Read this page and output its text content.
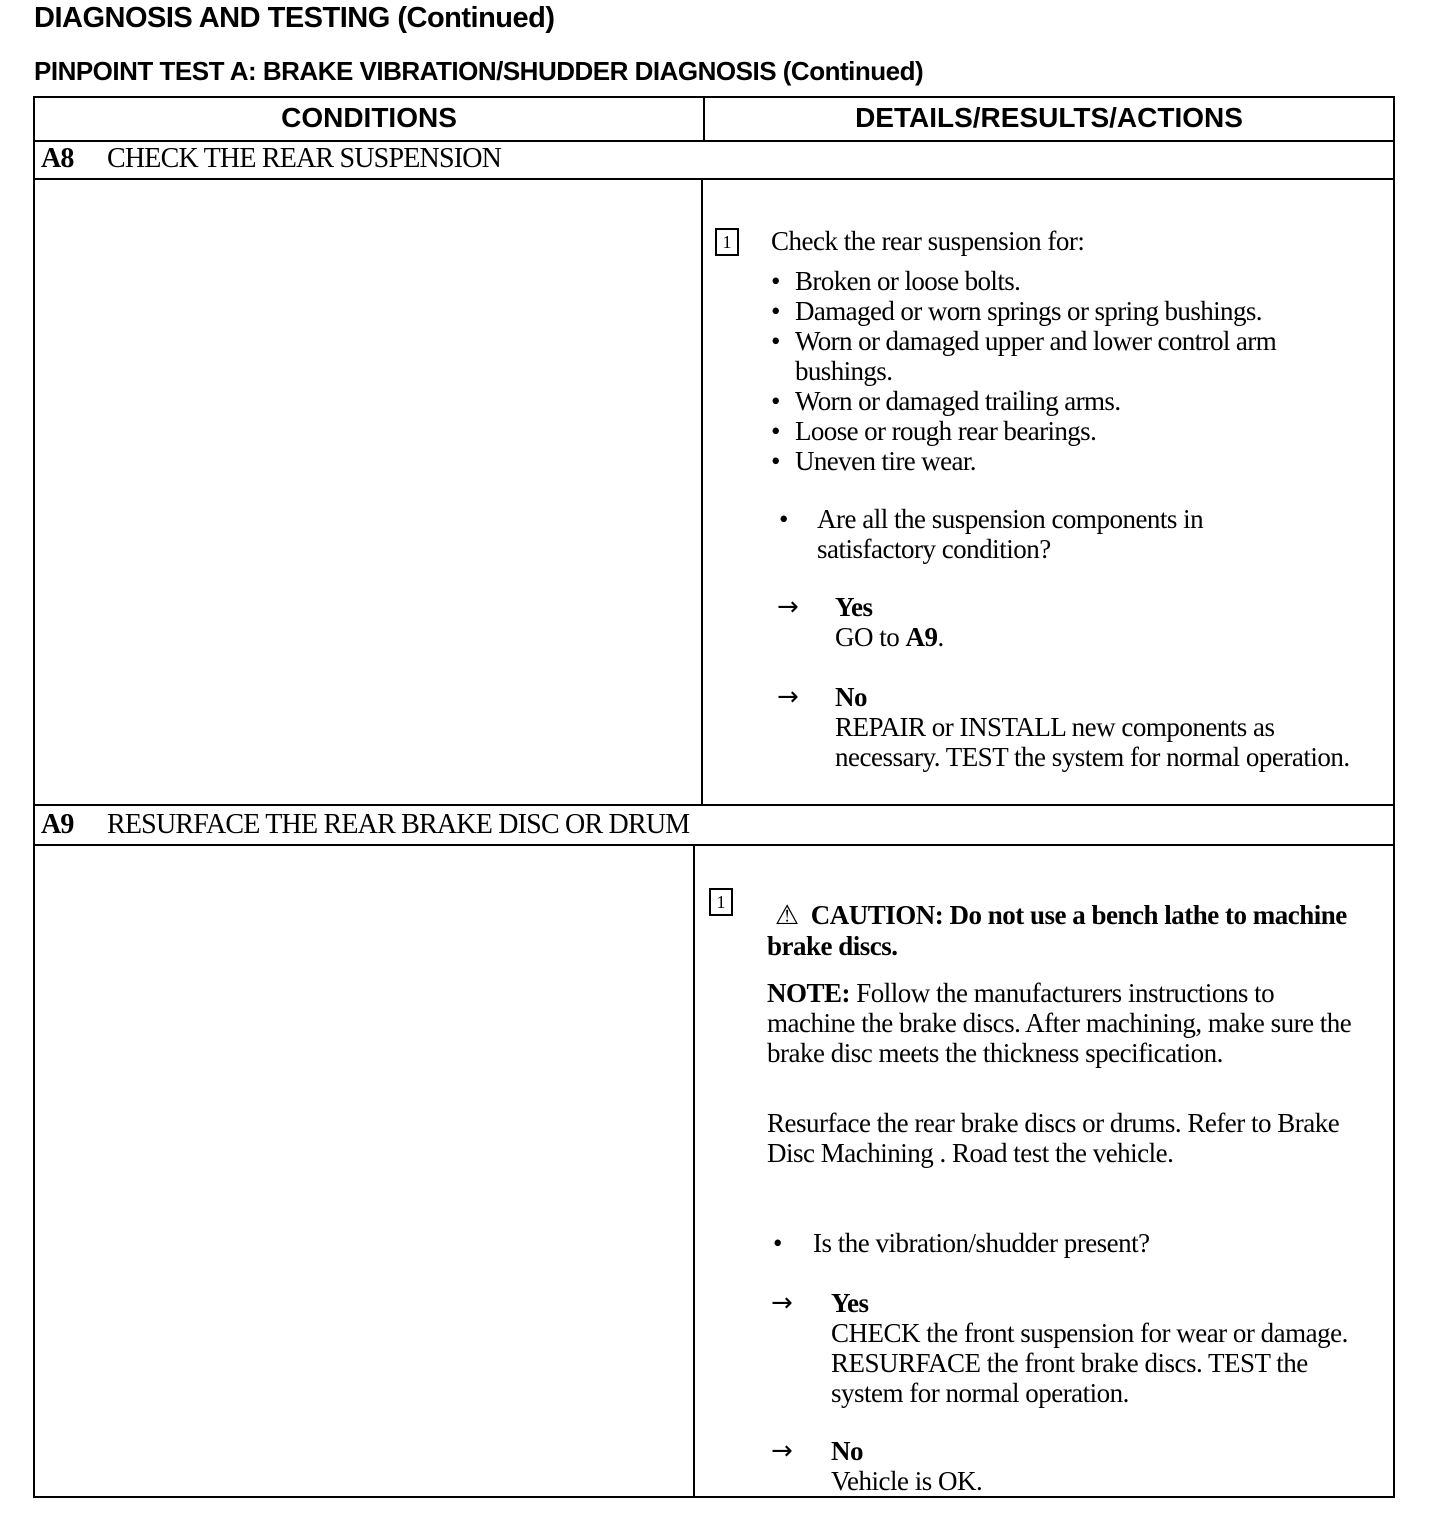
DIAGNOSIS AND TESTING (Continued)
PINPOINT TEST A: BRAKE VIBRATION/SHUDDER DIAGNOSIS (Continued)
CONDITIONS	DETAILS/RESULTS/ACTIONS
A8 CHECK THE REAR SUSPENSION
1 Check the rear suspension for:
• Broken or loose bolts.
• Damaged or worn springs or spring bushings.
• Worn or damaged upper and lower control arm bushings.
• Worn or damaged trailing arms.
• Loose or rough rear bearings.
• Uneven tire wear.
• Are all the suspension components in satisfactory condition?
→ Yes
GO to A9.
→ No
REPAIR or INSTALL new components as necessary. TEST the system for normal operation.
A9 RESURFACE THE REAR BRAKE DISC OR DRUM
1 ⚠ CAUTION: Do not use a bench lathe to machine brake discs.
NOTE: Follow the manufacturers instructions to machine the brake discs. After machining, make sure the brake disc meets the thickness specification.
Resurface the rear brake discs or drums. Refer to Brake Disc Machining . Road test the vehicle.
• Is the vibration/shudder present?
→ Yes
CHECK the front suspension for wear or damage. RESURFACE the front brake discs. TEST the system for normal operation.
→ No
Vehicle is OK.
